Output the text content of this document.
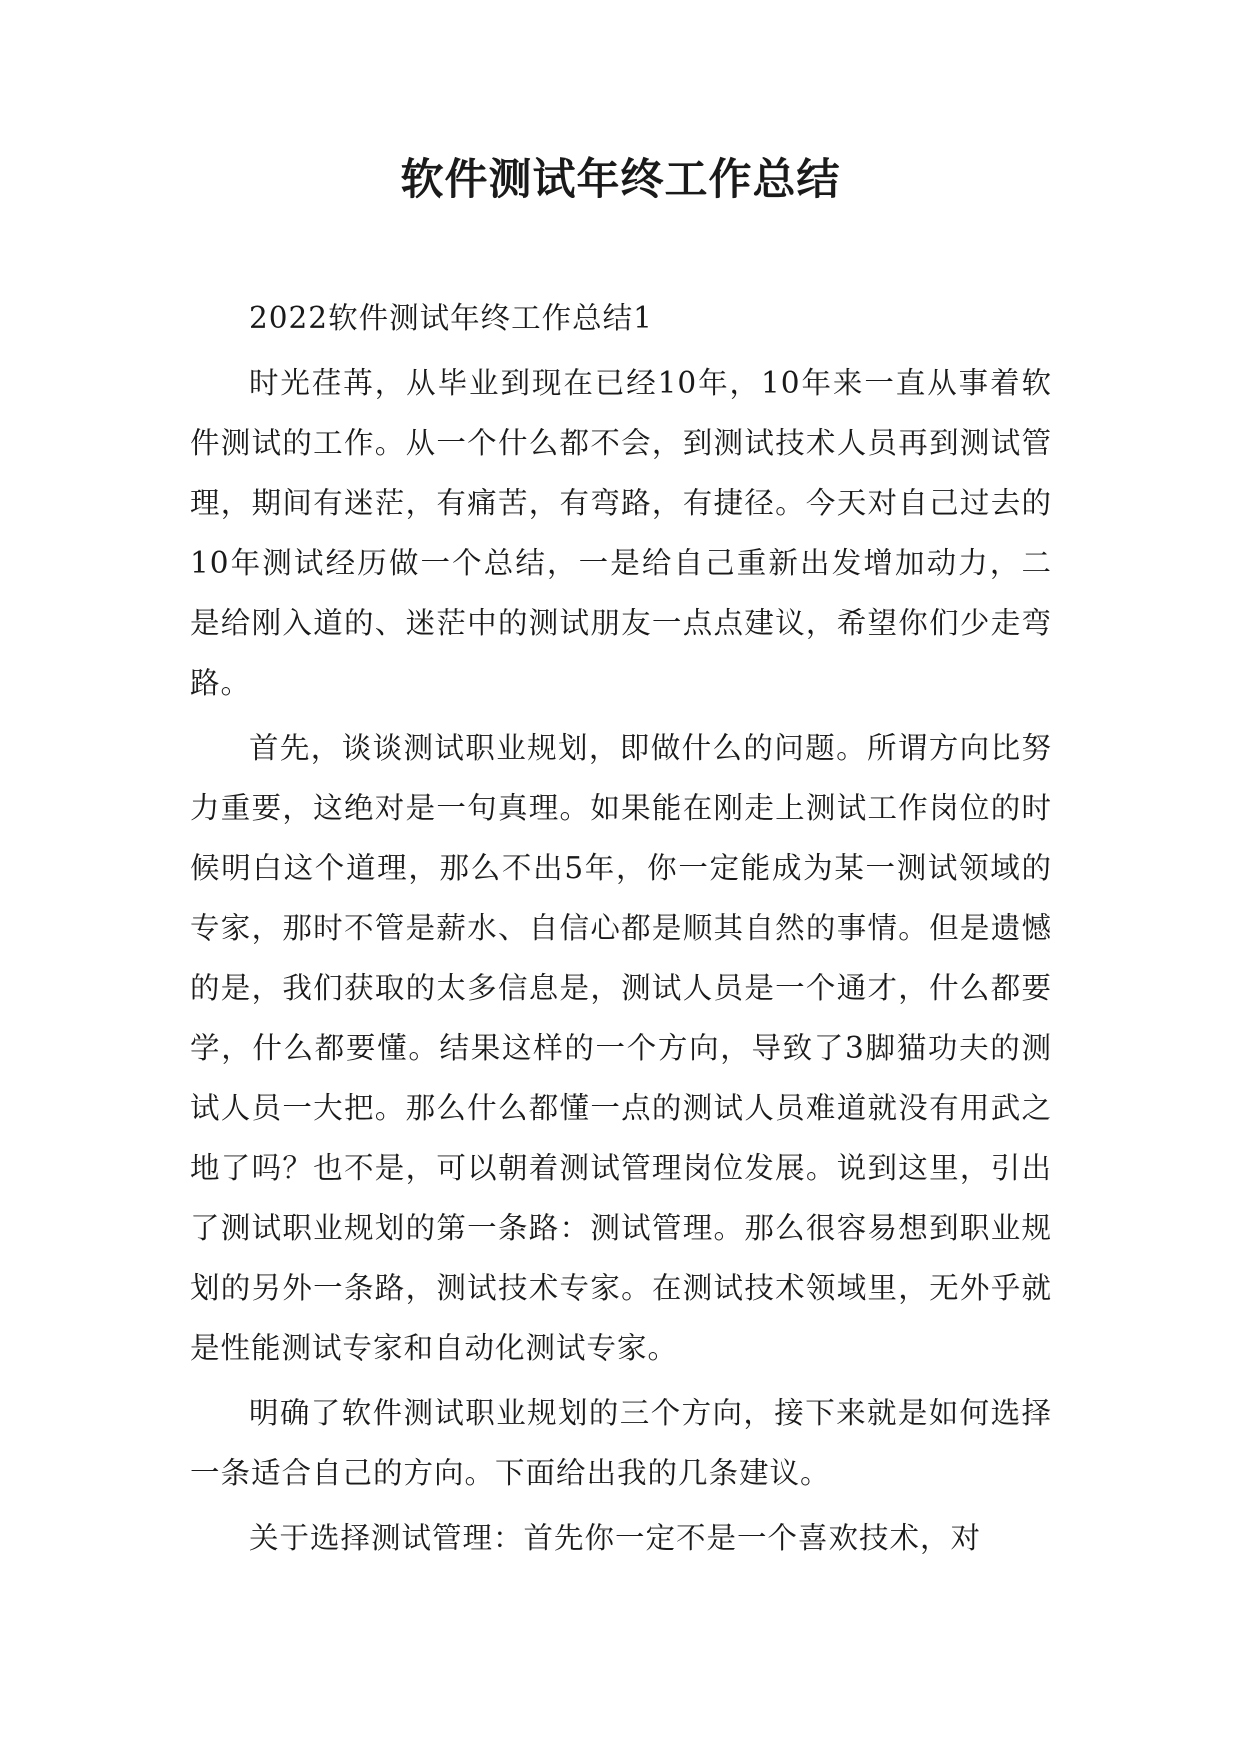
软件测试年终工作总结

2022软件测试年终工作总结1

时光荏苒，从毕业到现在已经10年，10年来一直从事着软件测试的工作。从一个什么都不会，到测试技术人员再到测试管理，期间有迷茫，有痛苦，有弯路，有捷径。今天对自己过去的10年测试经历做一个总结，一是给自己重新出发增加动力，二是给刚入道的、迷茫中的测试朋友一点点建议，希望你们少走弯路。

首先，谈谈测试职业规划，即做什么的问题。所谓方向比努力重要，这绝对是一句真理。如果能在刚走上测试工作岗位的时候明白这个道理，那么不出5年，你一定能成为某一测试领域的专家，那时不管是薪水、自信心都是顺其自然的事情。但是遗憾的是，我们获取的太多信息是，测试人员是一个通才，什么都要学，什么都要懂。结果这样的一个方向，导致了3脚猫功夫的测试人员一大把。那么什么都懂一点的测试人员难道就没有用武之地了吗？也不是，可以朝着测试管理岗位发展。说到这里，引出了测试职业规划的第一条路：测试管理。那么很容易想到职业规划的另外一条路，测试技术专家。在测试技术领域里，无外乎就是性能测试专家和自动化测试专家。

明确了软件测试职业规划的三个方向，接下来就是如何选择一条适合自己的方向。下面给出我的几条建议。

关于选择测试管理：首先你一定不是一个喜欢技术，对
